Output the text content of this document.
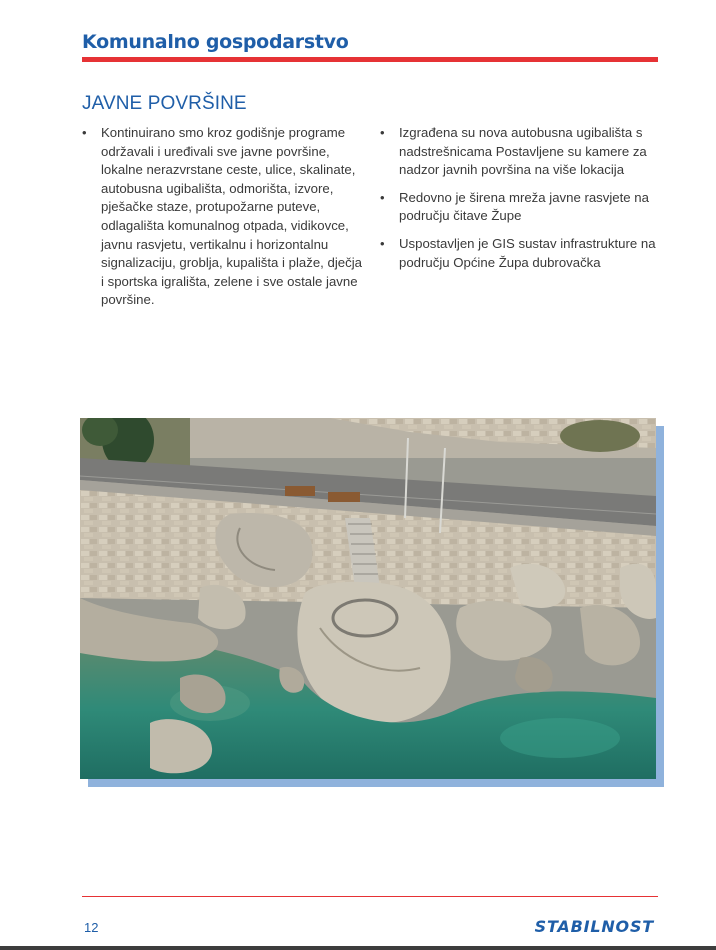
Komunalno gospodarstvo
JAVNE POVRŠINE
• Kontinuirano smo kroz godišnje programe održavali i uređivali sve javne površine, lokalne nerazvrstane ceste, ulice, skalinate, autobusna ugibališta, odmorišta, izvore, pješačke staze, protupožarne puteve, odlagališta komunalnog otpada, vidikovce, javnu rasvjetu, vertikalnu i horizontalnu signalizaciju, groblja, kupališta i plaže, dječja i sportska igrališta, zelene i sve ostale javne površine.
• Izgrađena su nova autobusna ugibališta s nadstrešnicama Postavljene su kamere za nadzor javnih površina na više lokacija
• Redovno je širena mreža javne rasvjete na području čitave Župe
• Uspostavljen je GIS sustav infrastrukture na području Općine Župa dubrovačka
12	STABILNOST
